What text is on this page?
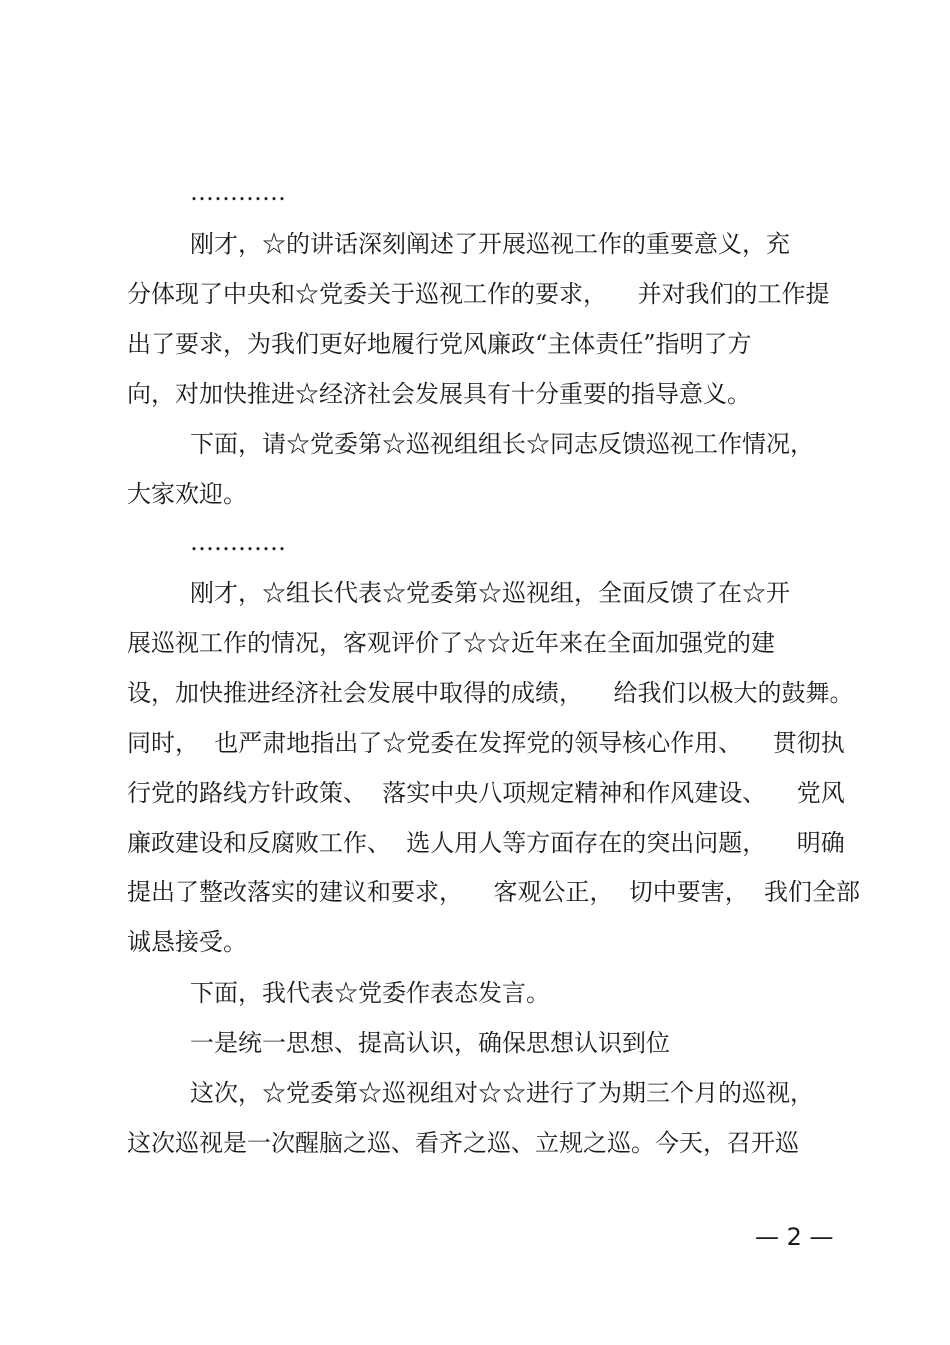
…………
刚才，☆的讲话深刻阐述了开展巡视工作的重要意义，充
分体现了中央和☆党委关于巡视工作的要求，    并对我们的工作提
出了要求，为我们更好地履行党风廉政“主体责任”指明了方
向，对加快推进☆经济社会发展具有十分重要的指导意义。
下面，请☆党委第☆巡视组组长☆同志反馈巡视工作情况，
大家欢迎。
…………
刚才，☆组长代表☆党委第☆巡视组，全面反馈了在☆开
展巡视工作的情况，客观评价了☆☆近年来在全面加强党的建
设，加快推进经济社会发展中取得的成绩，    给我们以极大的鼓舞。
同时，  也严肃地指出了☆党委在发挥党的领导核心作用、    贯彻执
行党的路线方针政策、  落实中央八项规定精神和作风建设、    党风
廉政建设和反腐败工作、  选人用人等方面存在的突出问题，    明确
提出了整改落实的建议和要求，    客观公正，  切中要害，  我们全部
诚恳接受。
下面，我代表☆党委作表态发言。
一是统一思想、提高认识，确保思想认识到位
这次，☆党委第☆巡视组对☆☆进行了为期三个月的巡视，
这次巡视是一次醒脑之巡、看齐之巡、立规之巡。今天，召开巡
— 2 —
